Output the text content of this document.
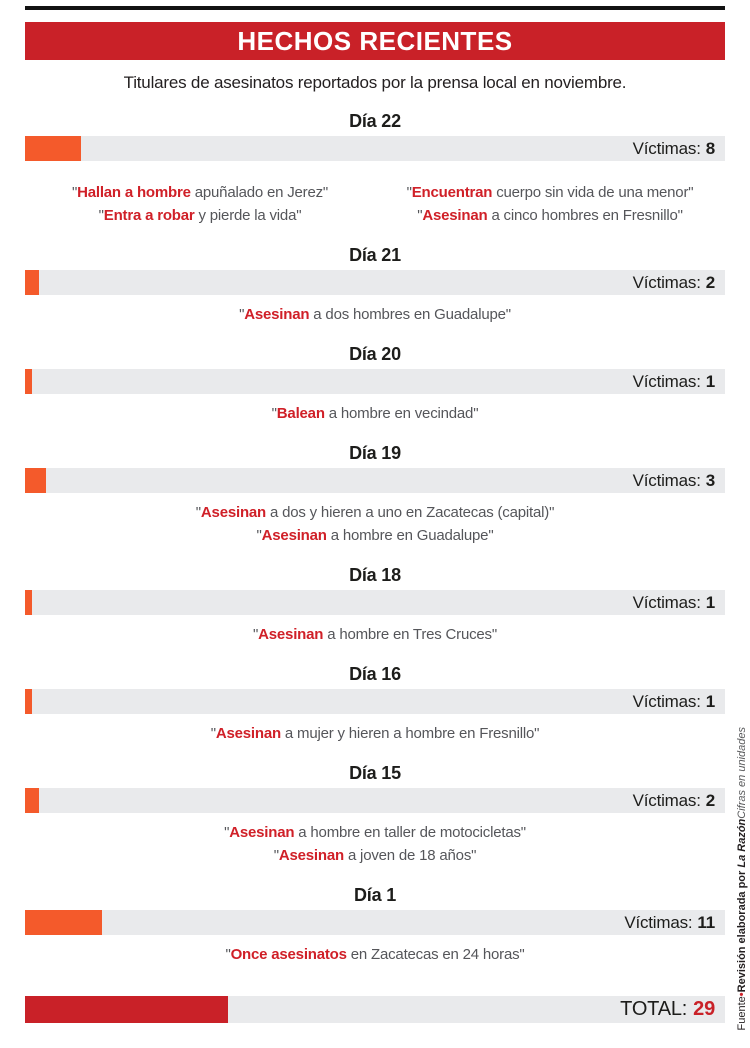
HECHOS RECIENTES

Titulares de asesinatos reportados por la prensa local en noviembre.

Día 22
Víctimas: 8

"Hallan a hombre apuñalado en Jerez"

"Entra a robar y pierde la vida"

"Encuentran cuerpo sin vida de una menor"

"Asesinan a cinco hombres en Fresnillo"

Día 21
Víctimas: 2

"Asesinan a dos hombres en Guadalupe"

Día 20
Víctimas: 1

"Balean a hombre en vecindad"

Día 19
Víctimas: 3

"Asesinan a dos y hieren a uno en Zacatecas (capital)"

"Asesinan a hombre en Guadalupe"

Día 18
Víctimas: 1

"Asesinan a hombre en Tres Cruces"

Día 16
Víctimas: 1

"Asesinan a mujer y hieren a hombre en Fresnillo"

Día 15
Víctimas: 2

"Asesinan a hombre en taller de motocicletas"

"Asesinan a joven de 18 años"

Día 1
Víctimas: 11

"Once asesinatos en Zacatecas en 24 horas"

TOTAL: 29 Fuente•Revisión elaborada por La RazónCifras en unidades
